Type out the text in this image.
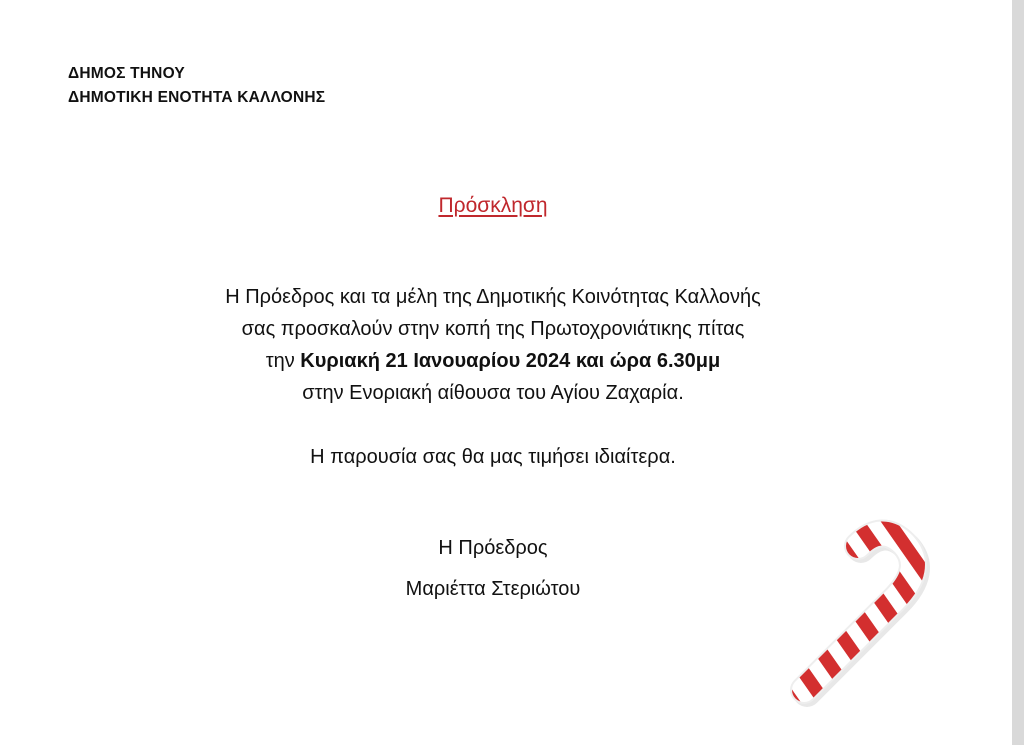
ΔΗΜΟΣ ΤΗΝΟΥ
ΔΗΜΟΤΙΚΗ ΕΝΟΤΗΤΑ ΚΑΛΛΟΝΗΣ
Πρόσκληση
Η Πρόεδρος και τα μέλη της Δημοτικής Κοινότητας Καλλονής
σας προσκαλούν στην κοπή της Πρωτοχρονιάτικης πίτας
την Κυριακή 21 Ιανουαρίου 2024 και ώρα 6.30μμ
στην Ενοριακή αίθουσα του Αγίου Ζαχαρία.
Η παρουσία σας θα μας τιμήσει ιδιαίτερα.
Η Πρόεδρος
Μαριέττα Στεριώτου
